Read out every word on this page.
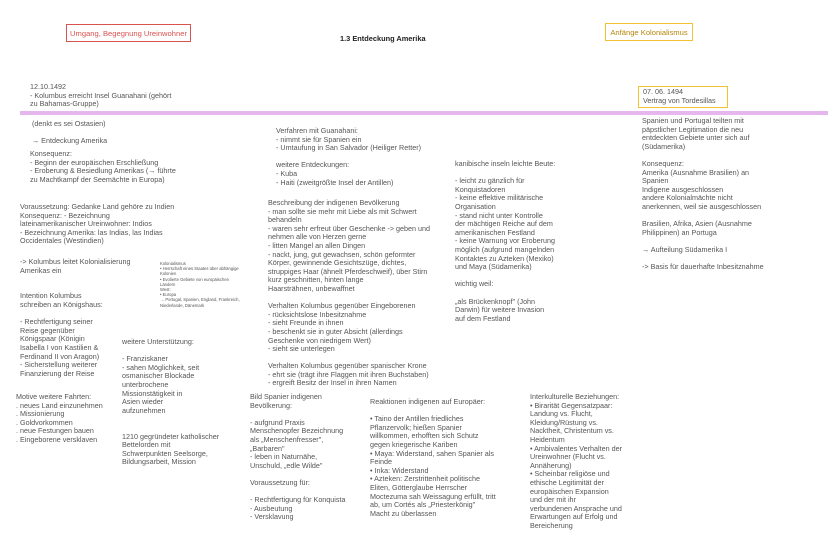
Umgang, Begegnung Ureinwohner
1.3 Entdeckung Amerika
Anfänge Kolonialismus
12.10.1492
- Kolumbus erreicht Insel Guanahani (gehört
zu Bahamas-Gruppe)
07. 06. 1494
Vertrag von Tordesillas
(denkt es sei Ostasien)

→ Entdeckung Amerika
Konsequenz:
- Beginn der europäischen Erschließung
- Eroberung & Besiedlung Amerikas (→ führte
zu Machtkampf der Seemächte in Europa)
Voraussetzung: Gedanke Land gehöre zu Indien
Konsequenz: - Bezeichnung
lateinamerikanischer Ureinwohner: Indios
- Bezeichnung Amerika: las Indias, las Indias
Occidentales (Westindien)
-> Kolumbus leitet Kolonialisierung
Amerikas ein

Intention Kolumbus
schreiben an Königshaus:

- Rechtfertigung seiner
Reise gegenüber
Königspaar (Königin
Isabella I von Kastilien &
Ferdinand II von Aragon)
- Sicherstellung weiterer
Finanzierung der Reise
Kolonialismus
• Herrschaft eines Staates über abhängige
Kolonien
• Evolierte Gebiete von europäischen
Ländern
West:
• Europa
→ Portugal, Spanien, England, Frankreich,
Niederlande, Dänemark
Motive weitere Fahrten:
. neues Land einzunehmen
. Missionierung
. Goldvorkommen
. neue Festungen bauen
. Eingeborene versklaven
weitere Unterstützung:

- Franziskaner
- sahen Möglichkeit, seit
osmanischer Blockade
unterbrochene
Missionstätigkeit in
Asien wieder
aufzunehmen

1210 gegründeter katholischer
Bettelorden mit
Schwerpunkten Seelsorge,
Bildungsarbeit, Mission
Verfahren mit Guanahani:
- nimmt sie für Spanien ein
- Umtaufung in San Salvador (Heiliger Retter)

weitere Entdeckungen:
- Kuba
- Haiti (zweitgrößte Insel der Antillen)
Beschreibung der indigenen Bevölkerung
- man sollte sie mehr mit Liebe als mit Schwert
behandeln
- waren sehr erfreut über Geschenke -> geben und
nehmen alle von Herzen gerne
- litten Mangel an allen Dingen
- nackt, jung, gut gewachsen, schön geformter
Körper, gewinnende Gesichtszüge, dichtes,
struppiges Haar (ähnelt Pferdeschweif), über Stirn
kurz geschnitten, hinten lange
Haarsträhnen, unbewaffnet

Verhalten Kolumbus gegenüber Eingeborenen
- rücksichtslose Inbesitznahme
- sieht Freunde in ihnen
- beschenkt sie in guter Absicht (allerdings
Geschenke von niedrigem Wert)
- sieht sie unterlegen

Verhalten Kolumbus gegenüber spanischer Krone
- ehrt sie (trägt ihre Flaggen mit ihren Buchstaben)
- ergreift Besitz der Insel in ihren Namen
kanibische inseln leichte Beute:

- leicht zu gänzlich für
Konquistadoren
- keine effektive militärische
Organisation
- stand nicht unter Kontrolle
der mächtigen Reiche auf dem
amerikanischen Festland
- keine Warnung vor Eroberung
möglich (aufgrund mangelnden
Kontaktes zu Azteken (Mexiko)
und Maya (Südamerika)

wichtig weil:

„als Brückenknopf" (John
Darwin) für weitere Invasion
auf dem Festland
Spanien und Portugal teilten mit
päpstlicher Legitimation die neu
entdeckten Gebiete unter sich auf
(Südamerika)

Konsequenz:
Amerika (Ausnahme Brasilien) an
Spanien
Indigene ausgeschlossen
andere Kolonialmächte nicht
anerkennen, weil sie ausgeschlossen

Brasilien, Afrika, Asien (Ausnahme
Philippinen) an Portuga

→ Aufteilung Südamerika I

-> Basis für dauerhafte Inbesitznahme
Bild Spanier indigenen
Bevölkerung:

- aufgrund Praxis
Menschenopfer Bezeichnung
als „Menschenfresser",
„Barbaren"
- leben in Naturnähe,
Unschuld, „edle Wilde"

Voraussetzung für:

- Rechtfertigung für Konquista
- Ausbeutung
- Versklavung
Reaktionen indigenen auf Europäer:

• Taino der Antillen friedliches
Pflanzervolk; hießen Spanier
willkommen, erhofften sich Schutz
gegen kriegerische Kariben
• Maya: Widerstand, sahen Spanier als
Feinde
• Inka: Widerstand
• Azteken: Zerstrittenheit politische
Eliten, Götterglaube Herrscher
Moctezuma sah Weissagung erfüllt, tritt
ab, um Cortés als „Priesterkönig"
Macht zu überlassen
Interkulturelle Beziehungen:
• Birarität Gegensatzpaar:
Landung vs. Flucht,
Kleidung/Rüstung vs.
Nacktheit, Christentum vs.
Heidentum
• Ambivalentes Verhalten der
Ureinwohner (Flucht vs.
Annäherung)
• Scheinbar religiöse und
ethische Legitimität der
europäischen Expansion
und der mit ihr
verbundenen Ansprache und
Erwartungen auf Erfolg und
Bereicherung
